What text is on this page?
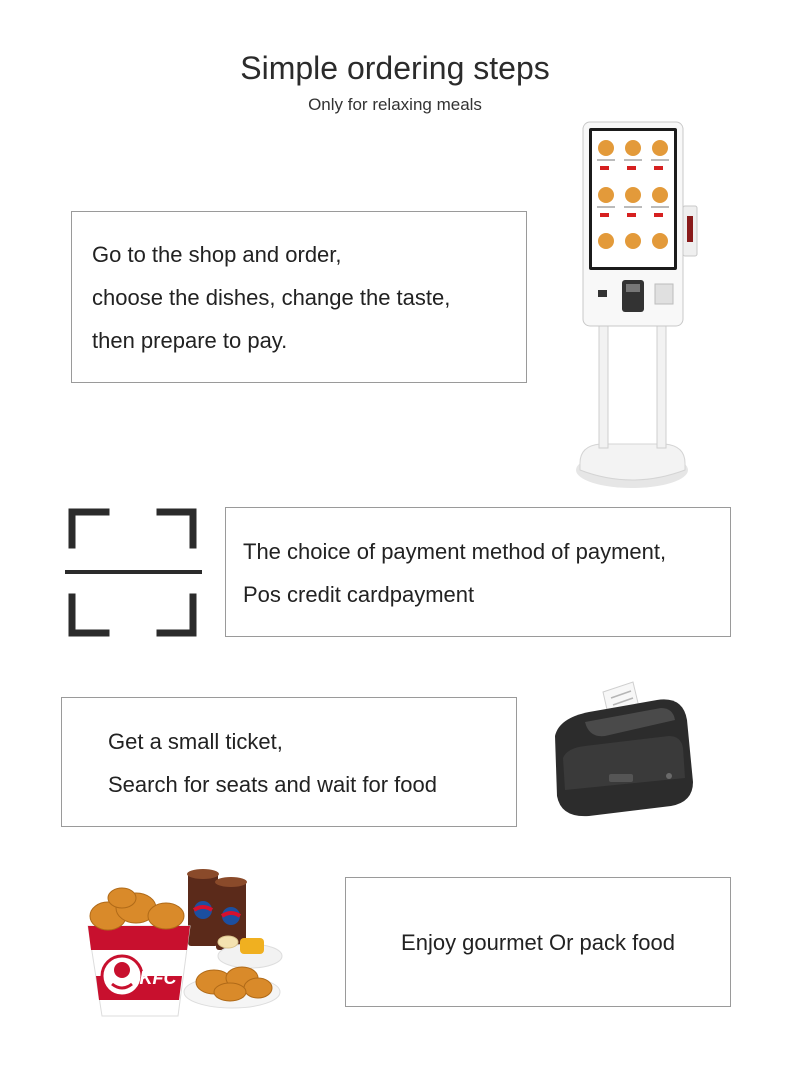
Simple ordering steps
Only for relaxing meals

Go to the shop and order,

choose the dishes, change the taste,

then prepare to pay.

The choice of payment method of payment,

Pos credit cardpayment

Get a small ticket,

Search for seats and wait for food

KFC

Enjoy gourmet Or pack food
